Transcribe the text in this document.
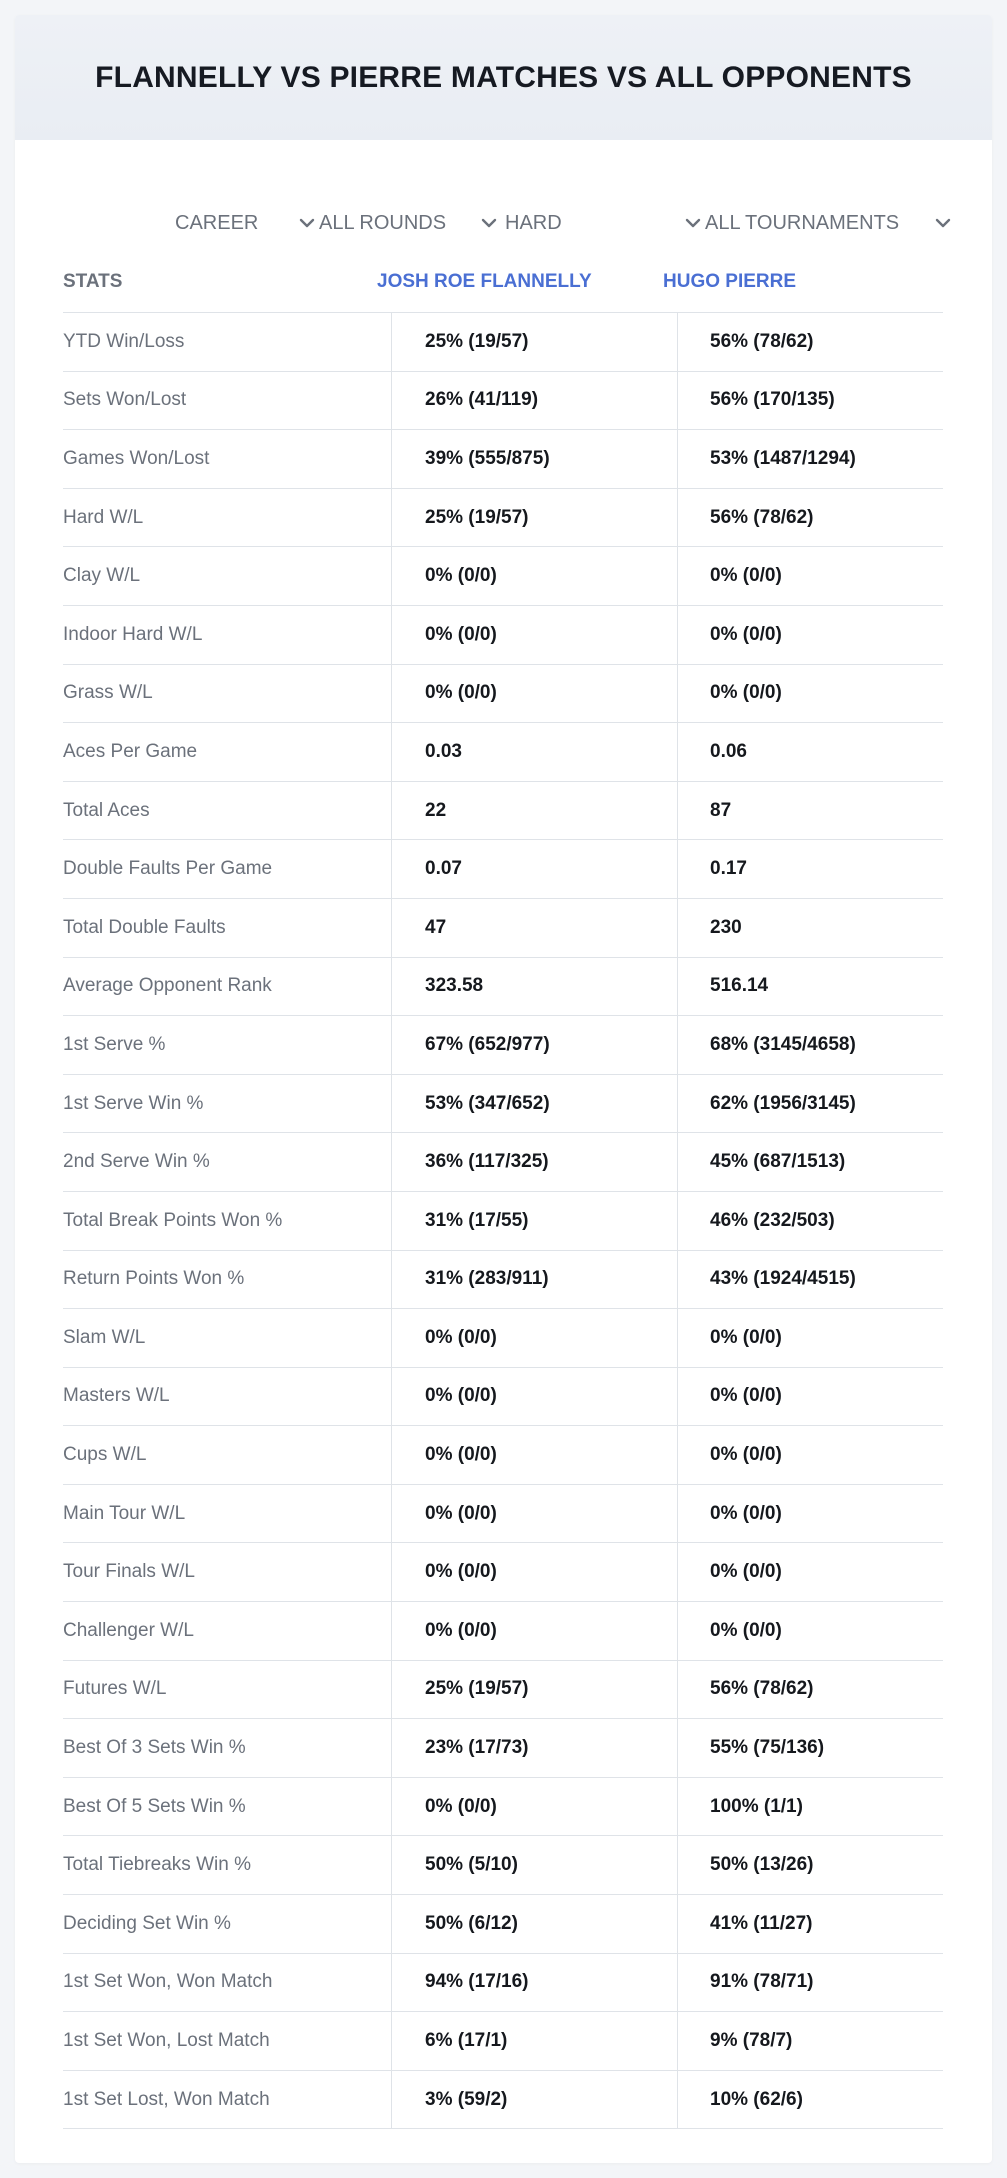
FLANNELLY VS PIERRE MATCHES VS ALL OPPONENTS
CAREER	ALL ROUNDS	HARD	ALL TOURNAMENTS
STATS	JOSH ROE FLANNELLY	HUGO PIERRE
YTD Win/Loss	25% (19/57)	56% (78/62)
Sets Won/Lost	26% (41/119)	56% (170/135)
Games Won/Lost	39% (555/875)	53% (1487/1294)
Hard W/L	25% (19/57)	56% (78/62)
Clay W/L	0% (0/0)	0% (0/0)
Indoor Hard W/L	0% (0/0)	0% (0/0)
Grass W/L	0% (0/0)	0% (0/0)
Aces Per Game	0.03	0.06
Total Aces	22	87
Double Faults Per Game	0.07	0.17
Total Double Faults	47	230
Average Opponent Rank	323.58	516.14
1st Serve %	67% (652/977)	68% (3145/4658)
1st Serve Win %	53% (347/652)	62% (1956/3145)
2nd Serve Win %	36% (117/325)	45% (687/1513)
Total Break Points Won %	31% (17/55)	46% (232/503)
Return Points Won %	31% (283/911)	43% (1924/4515)
Slam W/L	0% (0/0)	0% (0/0)
Masters W/L	0% (0/0)	0% (0/0)
Cups W/L	0% (0/0)	0% (0/0)
Main Tour W/L	0% (0/0)	0% (0/0)
Tour Finals W/L	0% (0/0)	0% (0/0)
Challenger W/L	0% (0/0)	0% (0/0)
Futures W/L	25% (19/57)	56% (78/62)
Best Of 3 Sets Win %	23% (17/73)	55% (75/136)
Best Of 5 Sets Win %	0% (0/0)	100% (1/1)
Total Tiebreaks Win %	50% (5/10)	50% (13/26)
Deciding Set Win %	50% (6/12)	41% (11/27)
1st Set Won, Won Match	94% (17/16)	91% (78/71)
1st Set Won, Lost Match	6% (17/1)	9% (78/7)
1st Set Lost, Won Match	3% (59/2)	10% (62/6)
